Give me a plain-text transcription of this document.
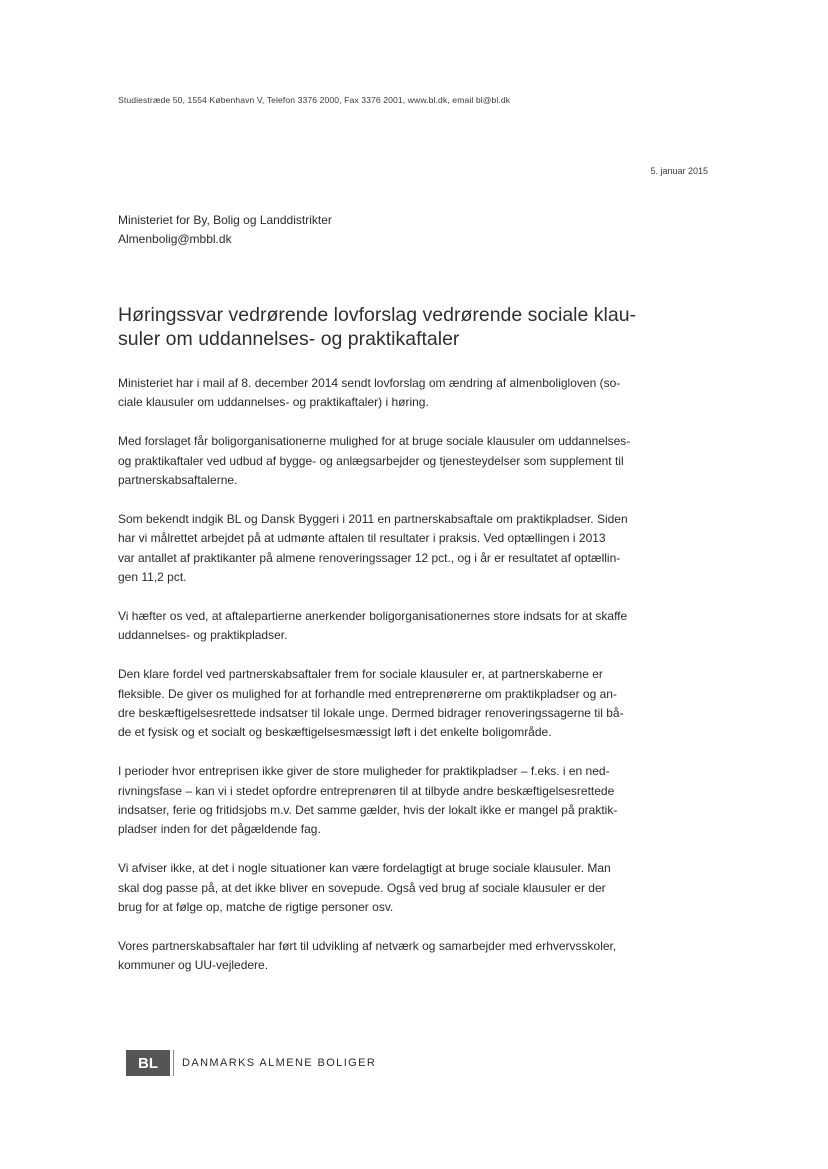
Studiestræde 50, 1554 København V, Telefon 3376 2000, Fax 3376 2001, www.bl.dk, email bl@bl.dk
5. januar 2015
Ministeriet for By, Bolig og Landdistrikter
Almenbolig@mbbl.dk
Høringssvar vedrørende lovforslag vedrørende sociale klau-
suler om uddannelses- og praktikaftaler

Ministeriet har i mail af 8. december 2014 sendt lovforslag om ændring af almenboligloven (so-
ciale klausuler om uddannelses- og praktikaftaler) i høring.

Med forslaget får boligorganisationerne mulighed for at bruge sociale klausuler om uddannelses-
og praktikaftaler ved udbud af bygge- og anlægsarbejder og tjenesteydelser som supplement til
partnerskabsaftalerne.

Som bekendt indgik BL og Dansk Byggeri i 2011 en partnerskabsaftale om praktikpladser. Siden
har vi målrettet arbejdet på at udmønte aftalen til resultater i praksis. Ved optællingen i 2013
var antallet af praktikanter på almene renoveringssager 12 pct., og i år er resultatet af optællin-
gen 11,2 pct.

Vi hæfter os ved, at aftalepartierne anerkender boligorganisationernes store indsats for at skaffe
uddannelses- og praktikpladser.

Den klare fordel ved partnerskabsaftaler frem for sociale klausuler er, at partnerskaberne er
fleksible. De giver os mulighed for at forhandle med entreprenørerne om praktikpladser og an-
dre beskæftigelsesrettede indsatser til lokale unge. Dermed bidrager renoveringssagerne til bå-
de et fysisk og et socialt og beskæftigelsesmæssigt løft i det enkelte boligområde.

I perioder hvor entreprisen ikke giver de store muligheder for praktikpladser – f.eks. i en ned-
rivningsfase – kan vi i stedet opfordre entreprenøren til at tilbyde andre beskæftigelsesrettede
indsatser, ferie og fritidsjobs m.v. Det samme gælder, hvis der lokalt ikke er mangel på praktik-
pladser inden for det pågældende fag.

Vi afviser ikke, at det i nogle situationer kan være fordelagtigt at bruge sociale klausuler. Man
skal dog passe på, at det ikke bliver en sovepude. Også ved brug af sociale klausuler er der
brug for at følge op, matche de rigtige personer osv.

Vores partnerskabsaftaler har ført til udvikling af netværk og samarbejder med erhvervsskoler,
kommuner og UU-vejledere.

BL	DANMARKS ALMENE BOLIGER
